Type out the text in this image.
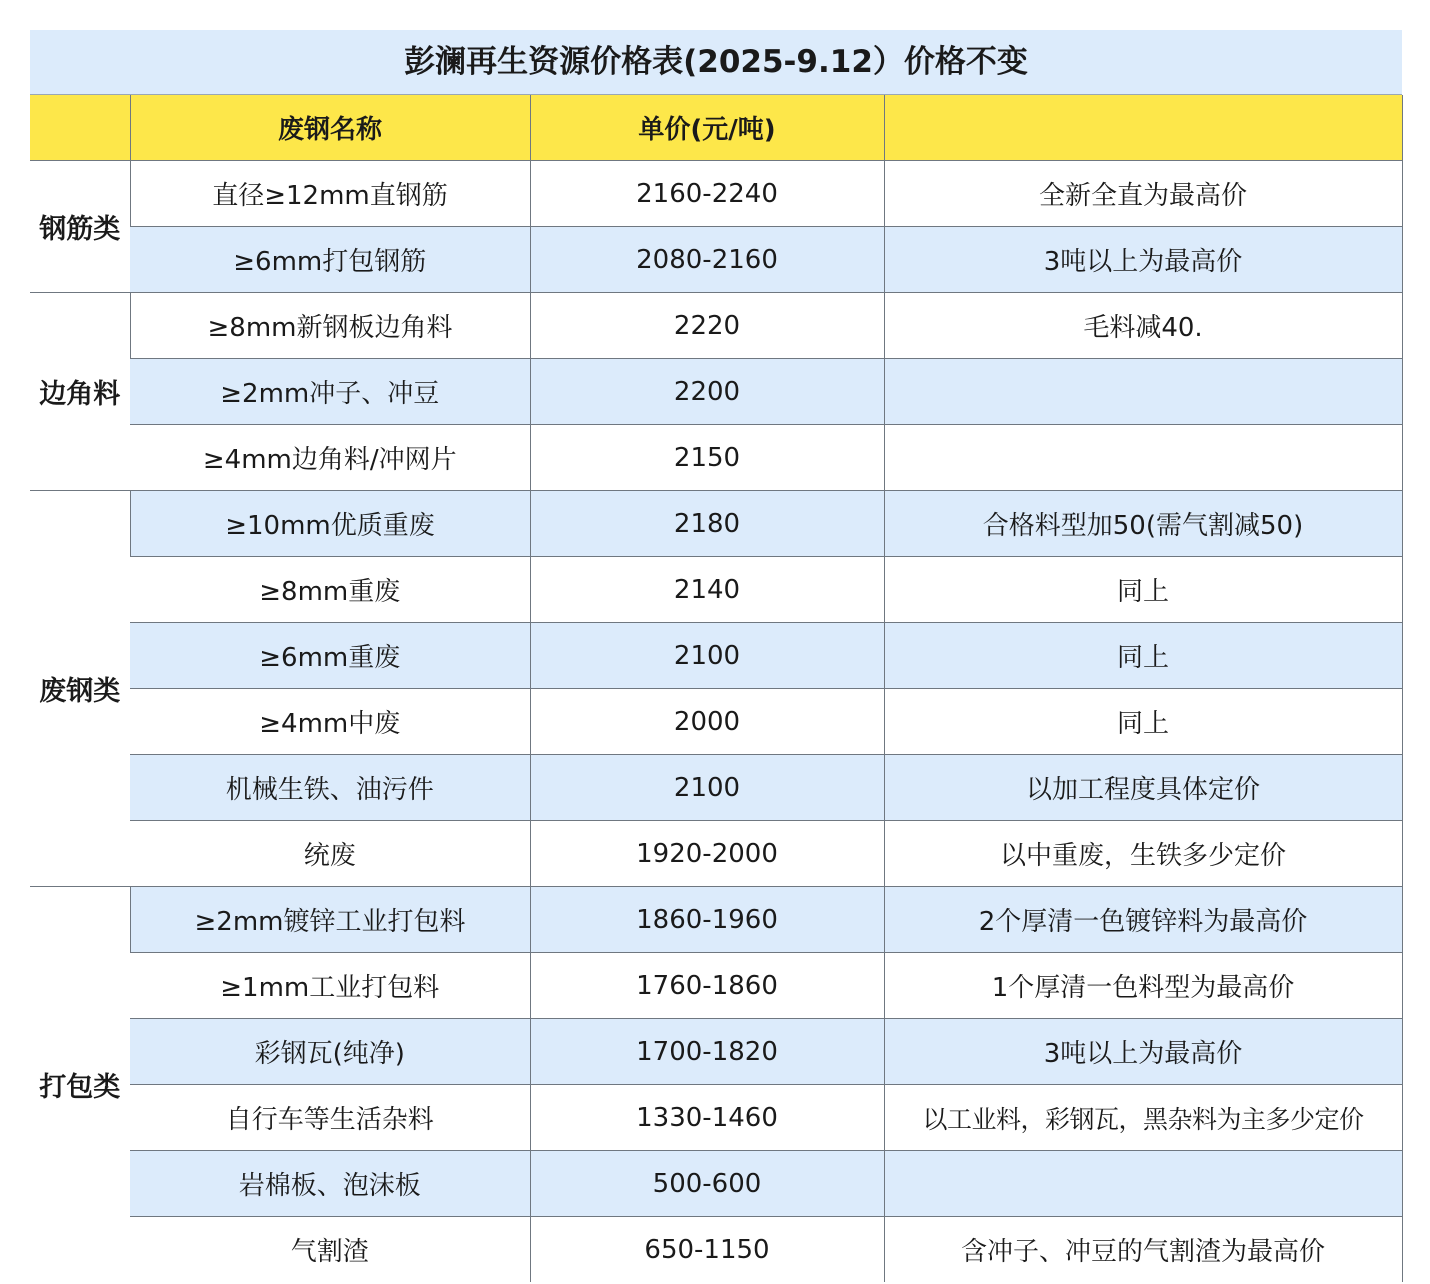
彭澜再生资源价格表(2025-9.12）价格不变
	废钢名称	单价(元/吨)	
钢筋类	直径≥12mm直钢筋	2160-2240	全新全直为最高价
	≥6mm打包钢筋	2080-2160	3吨以上为最高价
边角料	≥8mm新钢板边角料	2220	毛料减40.
	≥2mm冲子、冲豆	2200	
	≥4mm边角料/冲网片	2150	
废钢类	≥10mm优质重废	2180	合格料型加50(需气割减50)
	≥8mm重废	2140	同上
	≥6mm重废	2100	同上
	≥4mm中废	2000	同上
	机械生铁、油污件	2100	以加工程度具体定价
	统废	1920-2000	以中重废，生铁多少定价
打包类	≥2mm镀锌工业打包料	1860-1960	2个厚清一色镀锌料为最高价
	≥1mm工业打包料	1760-1860	1个厚清一色料型为最高价
	彩钢瓦(纯净)	1700-1820	3吨以上为最高价
	自行车等生活杂料	1330-1460	以工业料，彩钢瓦，黑杂料为主多少定价
	岩棉板、泡沫板	500-600	
	气割渣	650-1150	含冲子、冲豆的气割渣为最高价
